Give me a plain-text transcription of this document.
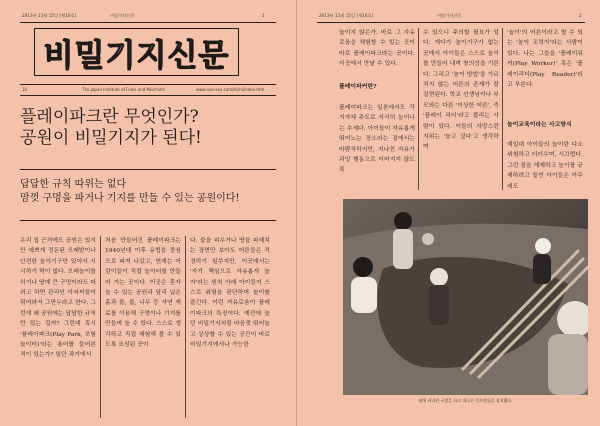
2013년 11월 15일 [제16호]	비밀기지신문	1
비밀기지신문
16	The Japan Institute of Fools and Mischiefs	www.xxx-xxx.com/kichi/index.htm
플레이파크란 무엇인가?
공원이 비밀기지가 된다!
답답한 규칙 따위는 없다
맘껏 구멍을 파거나 기지를 만들 수 있는 공원이다!
우리 집 근처에도 공원은 있지만 예쁘게 정돈된 모래밭이나 안전한 놀이기구만 있어서 시시하기 짝이 없다. 모래놀이를 하거나 땅에 큰 구멍이라도 파려고 하면 관리인 아저씨들이 뛰어와서 그만두라고 한다. 그런데 왜 공원에는 답답한 규칙만 있는 걸까? 그런데 혹시 '플레이파크(Play Park, 모험 놀이터)'라는 용어를 들어본 적이 있는가? 일단 과거에서
처음 만들어진 플레이파크는 1940년대 이후 유럽을 중심으로 퍼져 나갔고, 현재는 어린이들이 직접 놀이터를 만들어 가는 곳이다. 이곳은 혼자 놀 수 있는 공원과 달리 넓은 흙과 물, 불, 나무 등 자연 재료를 이용해 구멍이나 기지를 만들며 놀 수 있다. 스스로 생각하고 직접 체험해 볼 수 있도록 조성된 곳이
다. 불을 피우거나 땅을 파헤치는 장면만 보아도 어른들은 걱정하기 일쑤지만, 이곳에서는 '자기 책임으로 자유롭게 놀자'라는 원칙 아래 아이들이 스스로 위험을 판단하며 놀이를 즐긴다. 이런 자유로움이 플레이파크의 특징이다. 예전에 놀던 비밀기지처럼 마음껏 뛰어놀고 상상할 수 있는 공간이 바로 비밀기지에서나 가능한
2013년 11월 15일 [제16호]	비밀기지신문	2
놀이지 않은가. 바로 그 자유로움을 체험할 수 있는 곳이 바로 플레이파크라는 곳이다. 이곳에서 만날 수 있다.
플레이파커란?
플레이파크는 일본에서도 각 지자체 주도로 서서히 늘어나는 추세다. 아이들이 자유롭게 뛰어노는 장소라는 점에서는 바람직하지만, 지나친 자유가 과잉 행동으로 이어지지 않도록
수 있으니 주의할 필요가 있다. 게다가 놀이기구가 없는 곳에서 아이들은 스스로 놀이를 만들어 내며 창의성을 기른다. 그리고 '놀이 방법'을 가르치지 않는 어른의 존재가 잘 실현된다. 학교 선생님이나 부모와는 다른 '이상한 어른', 즉 '플레이 리더'라고 불리는 사람이 있다. 이들의 자랑스런 지위는 '놀고 싶다'고 생각하며
'놀이'의 어른이라고 할 수 있는 '놀이 조력자'라는 사람이 있다. 나는 그들을 '플레이워커(Play Worker)' 혹은 '플레이리더(Play Reader)'라고 부른다.
놀이교육이라는 사고방식
예일대 아이들의 놀이란 다소 위험하고 더러우며, 시끄럽다. 그런 점을 해제하고 놀이를 규제하려고 들면 아이들은 아무래도
땅에 커다란 구멍을 파고 대나무 미끄럼틀을 설치했다.
